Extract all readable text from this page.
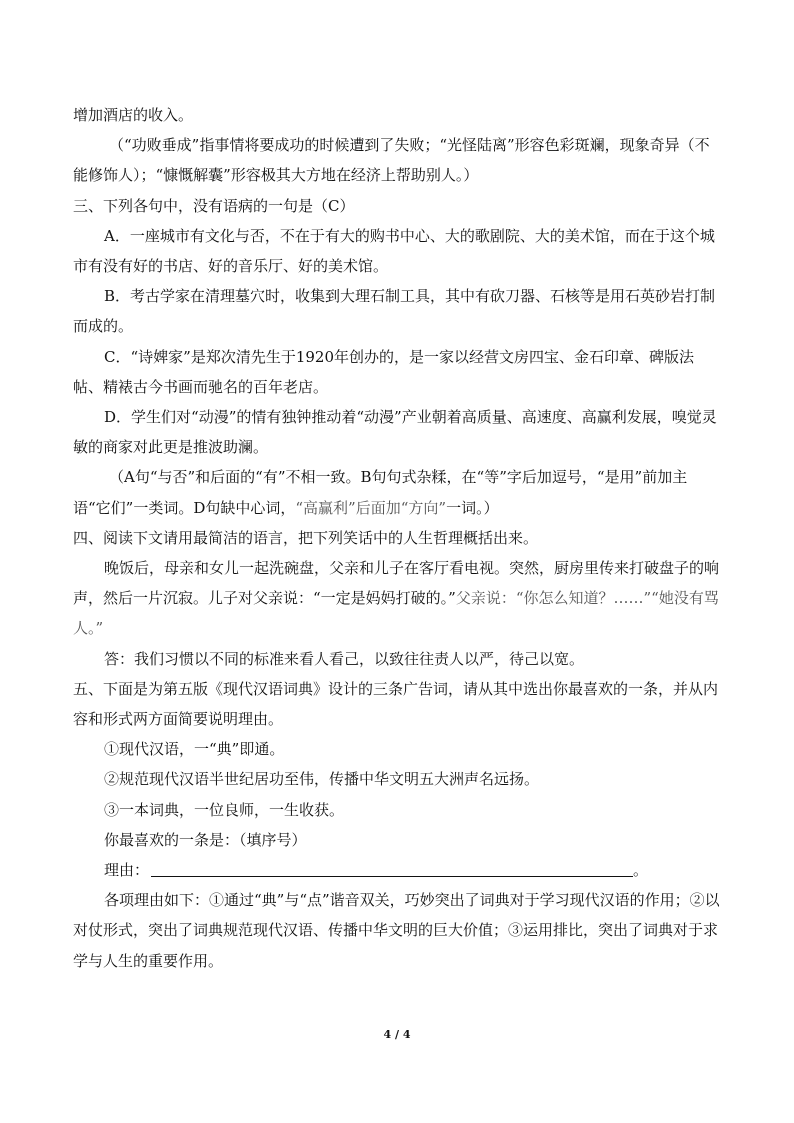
增加酒店的收入。

（“功败垂成”指事情将要成功的时候遭到了失败；“光怪陆离”形容色彩斑斓，现象奇异（不能修饰人）；“慷慨解囊”形容极其大方地在经济上帮助别人。）

三、下列各句中，没有语病的一句是（C）

A．一座城市有文化与否，不在于有大的购书中心、大的歌剧院、大的美术馆，而在于这个城市有没有好的书店、好的音乐厅、好的美术馆。

B．考古学家在清理墓穴时，收集到大理石制工具，其中有砍刀器、石核等是用石英砂岩打制而成的。

C．“诗婢家”是郑次清先生于1920年创办的，是一家以经营文房四宝、金石印章、碑版法帖、精裱古今书画而驰名的百年老店。

D．学生们对“动漫”的情有独钟推动着“动漫”产业朝着高质量、高速度、高赢利发展，嗅觉灵敏的商家对此更是推波助澜。

（A句“与否”和后面的“有”不相一致。B句句式杂糅，在“等”字后加逗号，“是用”前加主语“它们”一类词。D句缺中心词，“高赢利”后面加“方向”一词。）

四、阅读下文请用最简洁的语言，把下列笑话中的人生哲理概括出来。

晚饭后，母亲和女儿一起洗碗盘，父亲和儿子在客厅看电视。突然，厨房里传来打破盘子的响声，然后一片沉寂。儿子对父亲说：“一定是妈妈打破的。”父亲说：“你怎么知道？……”“她没有骂人。”

答：我们习惯以不同的标准来看人看己，以致往往责人以严，待己以宽。

五、下面是为第五版《现代汉语词典》设计的三条广告词，请从其中选出你最喜欢的一条，并从内容和形式两方面简要说明理由。

①现代汉语，一“典”即通。

②规范现代汉语半世纪居功至伟，传播中华文明五大洲声名远扬。

③一本词典，一位良师，一生收获。

你最喜欢的一条是：（填序号）

理由：	。

各项理由如下：①通过“典”与“点”谐音双关，巧妙突出了词典对于学习现代汉语的作用；②以对仗形式，突出了词典规范现代汉语、传播中华文明的巨大价值；③运用排比，突出了词典对于求学与人生的重要作用。

4 / 4
